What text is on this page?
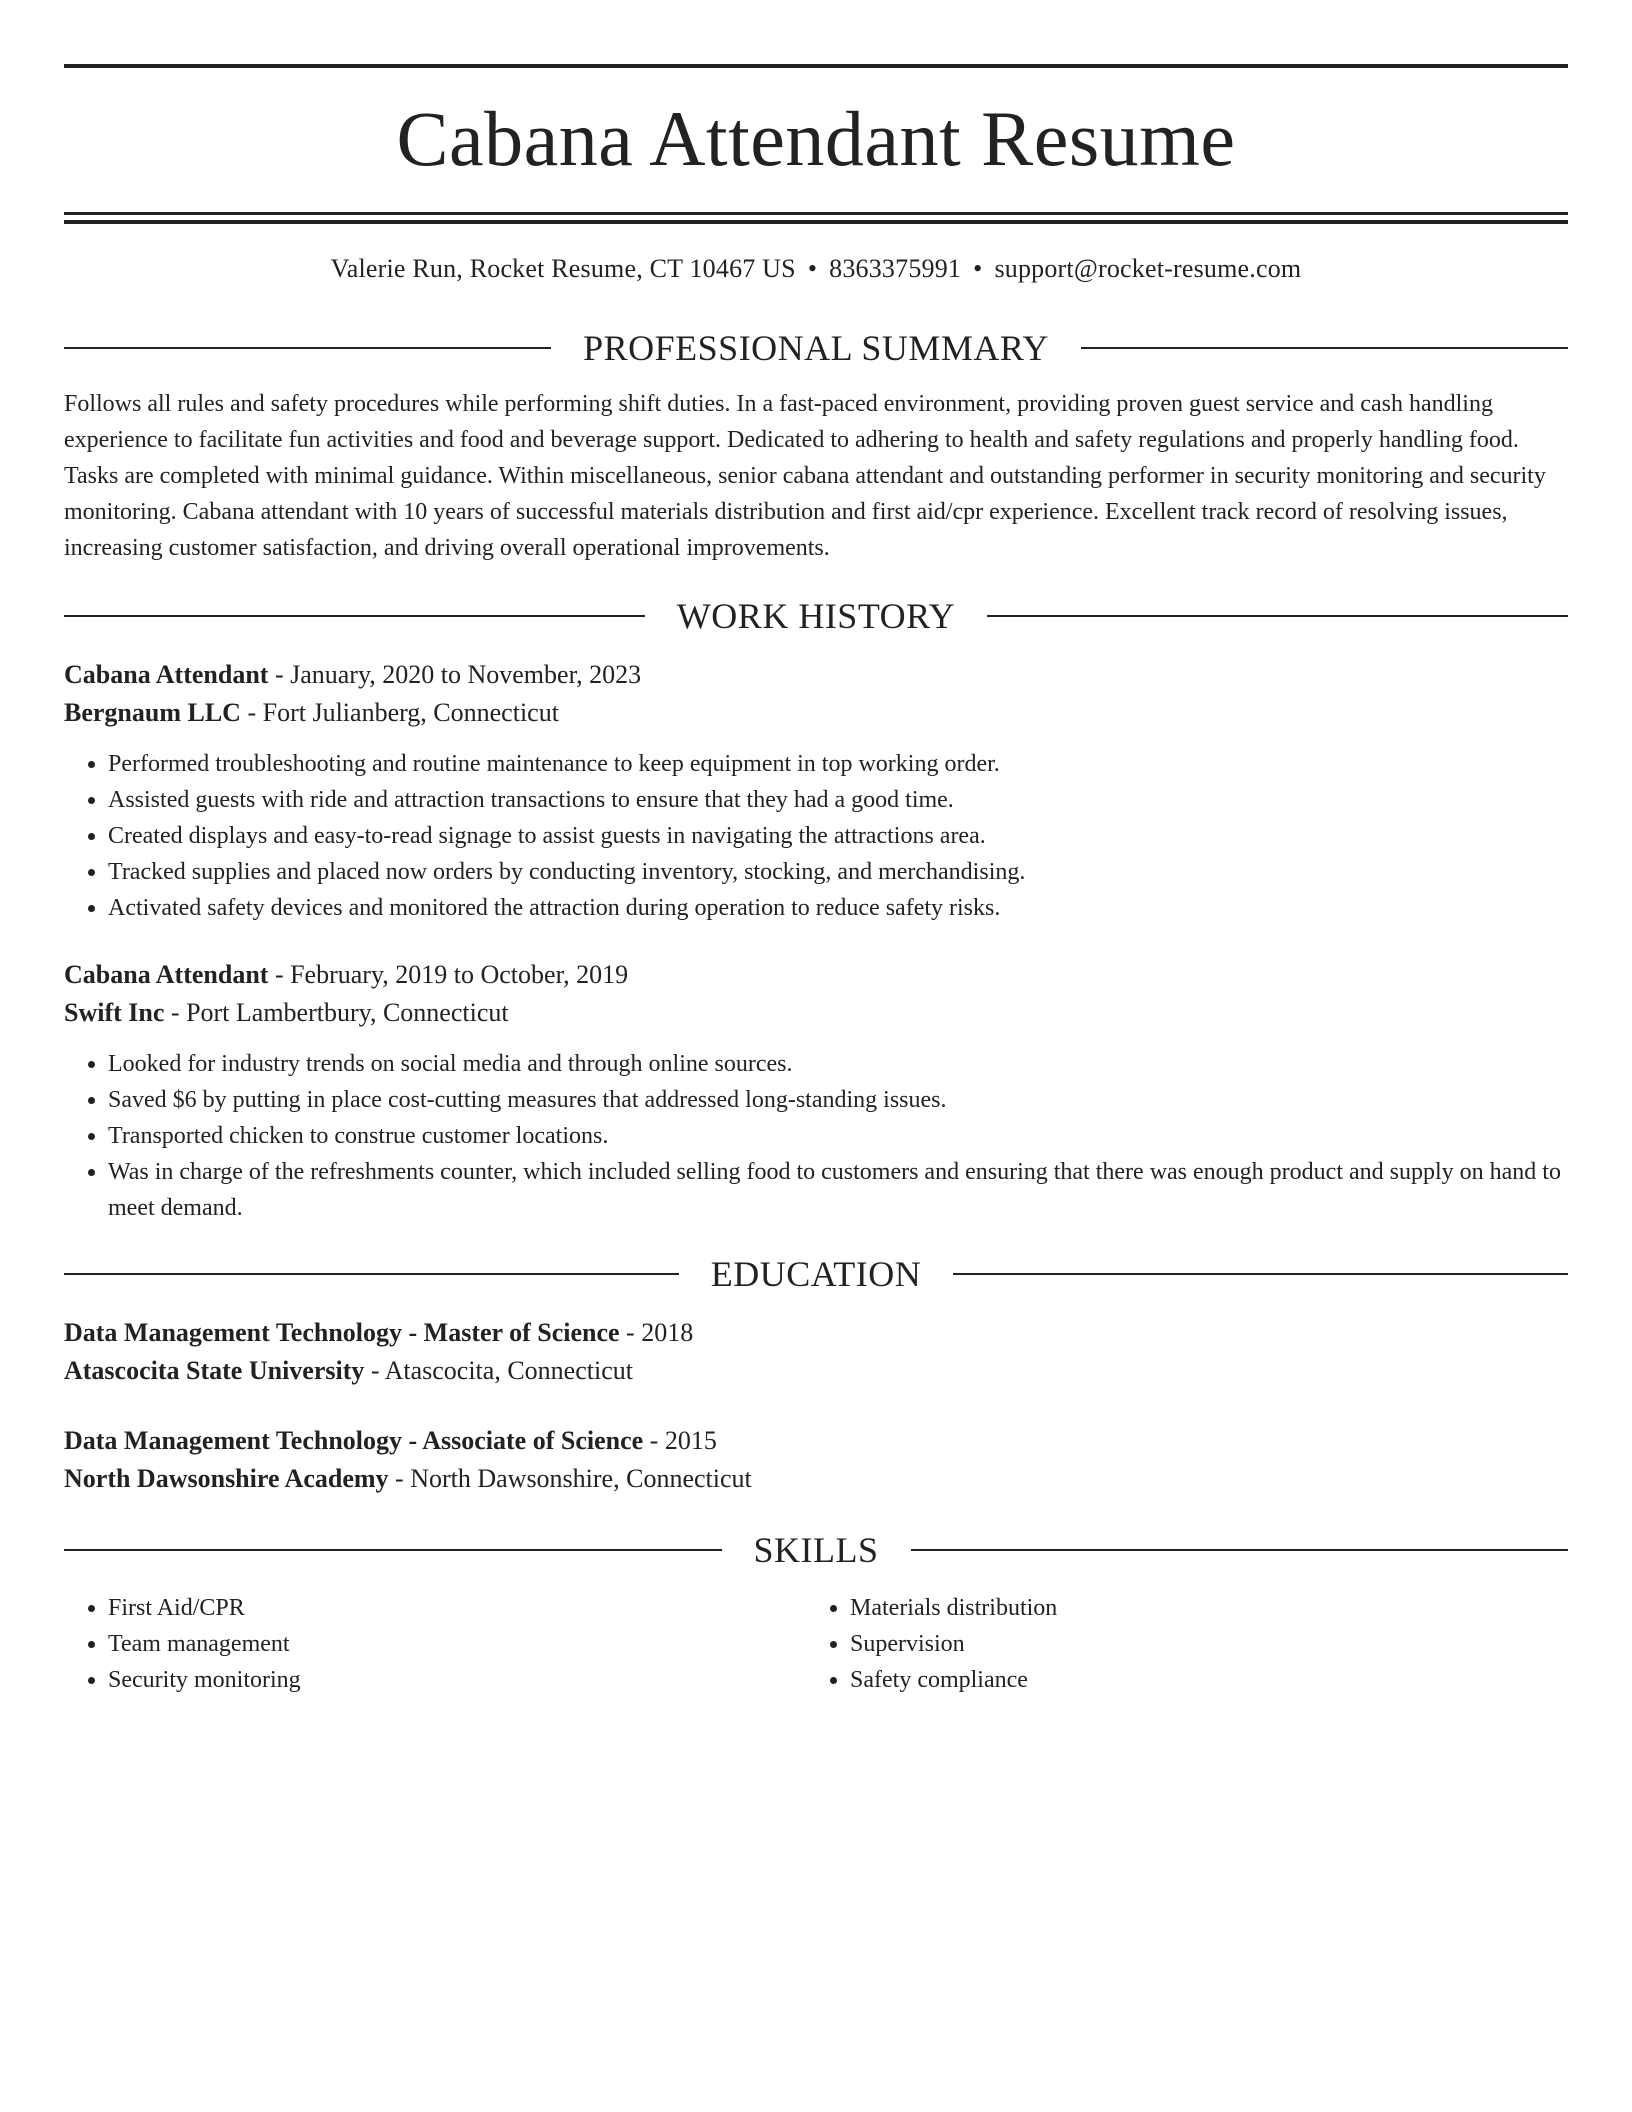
Cabana Attendant Resume
Valerie Run, Rocket Resume, CT 10467 US • 8363375991 • support@rocket-resume.com
PROFESSIONAL SUMMARY
Follows all rules and safety procedures while performing shift duties. In a fast-paced environment, providing proven guest service and cash handling experience to facilitate fun activities and food and beverage support. Dedicated to adhering to health and safety regulations and properly handling food. Tasks are completed with minimal guidance. Within miscellaneous, senior cabana attendant and outstanding performer in security monitoring and security monitoring. Cabana attendant with 10 years of successful materials distribution and first aid/cpr experience. Excellent track record of resolving issues, increasing customer satisfaction, and driving overall operational improvements.
WORK HISTORY
Cabana Attendant - January, 2020 to November, 2023
Bergnaum LLC - Fort Julianberg, Connecticut
• Performed troubleshooting and routine maintenance to keep equipment in top working order.
• Assisted guests with ride and attraction transactions to ensure that they had a good time.
• Created displays and easy-to-read signage to assist guests in navigating the attractions area.
• Tracked supplies and placed now orders by conducting inventory, stocking, and merchandising.
• Activated safety devices and monitored the attraction during operation to reduce safety risks.
Cabana Attendant - February, 2019 to October, 2019
Swift Inc - Port Lambertbury, Connecticut
• Looked for industry trends on social media and through online sources.
• Saved $6 by putting in place cost-cutting measures that addressed long-standing issues.
• Transported chicken to construe customer locations.
• Was in charge of the refreshments counter, which included selling food to customers and ensuring that there was enough product and supply on hand to meet demand.
EDUCATION
Data Management Technology - Master of Science - 2018
Atascocita State University - Atascocita, Connecticut
Data Management Technology - Associate of Science - 2015
North Dawsonshire Academy - North Dawsonshire, Connecticut
SKILLS
• First Aid/CPR
• Team management
• Security monitoring
• Materials distribution
• Supervision
• Safety compliance
